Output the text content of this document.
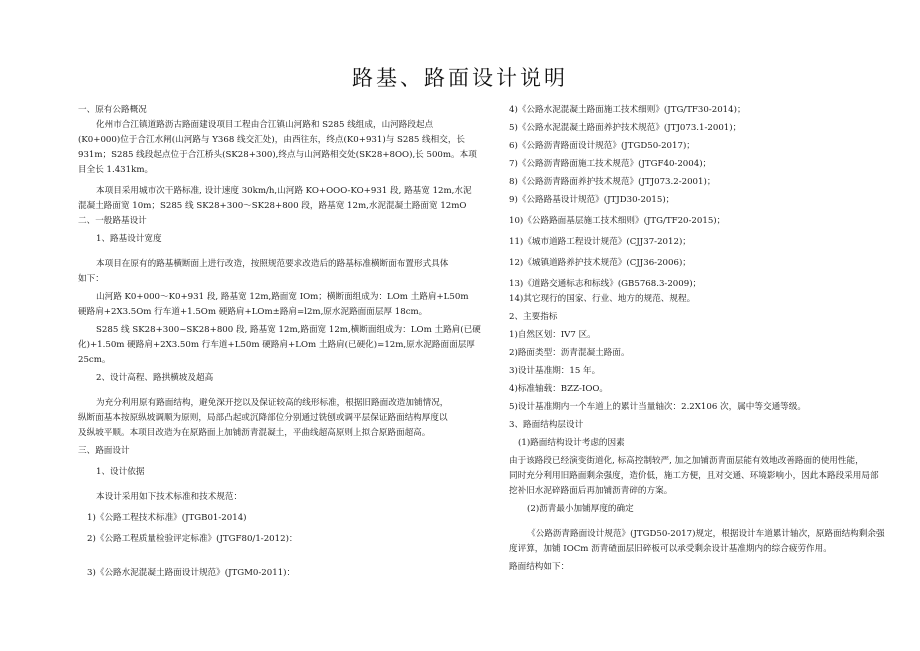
路基、路面设计说明

一、原有公路概况

化州市合江镇道路沥古路面建设项目工程由合江镇山河路和 S285 线组成，山河路段起点

(K0+000)位于合江水闸(山河路与 Y368 线交汇处)，由西往东，终点(K0+931)与 S285 线相交，长

931m；S285 线段起点位于合江桥头(SK28+300),终点与山河路相交处(SK28+8OO),长 500m。本项

目全长 1.431km。

本项目采用城市次干路标准, 设计速度 30km/h,山河路 KO+OOO-KO+931 段, 路基宽 12m,水泥

混凝土路面宽 10m；S285 线 SK28+300～SK28+800 段，路基宽 12m,水泥混凝土路面宽 12mO

二、一般路基设计

1、路基设计宽度

本项目在原有的路基横断面上进行改造，按照规范要求改造后的路基标准横断面布置形式具体

如下：

山河路 K0+000～K0+931 段, 路基宽 12m,路面宽 IOm；横断面组成为：LOm 土路肩+L50m

硬路肩+2X3.5Om 行车道+1.5Om 硬路肩+LOm±路肩=l2m,原水泥路面面层厚 18cm。

S285 线 SK28+300~SK28+800 段, 路基宽 12m,路面宽 12m,横断面组成为：LOm 土路肩(已硬

化)+1.50m 硬路肩+2X3.50m 行车道+L50m 硬路肩+LOm 土路肩(已硬化)=12m,原水泥路面面层厚

25cm。

2、设计高程、路拱横坡及超高

为充分利用原有路面结构，避免深开挖以及保证较高的线形标准，根据旧路面改造加铺情况，

纵断面基本按原纵坡调顺为原则，局部凸起或沉降部位分别通过铣刨或调平层保证路面结构厚度以

及纵坡平顺。本项目改造为在原路面上加铺沥青混凝土，平曲线超高原则上拟合原路面超高。

三、路面设计

1、设计依据

本设计采用如下技术标准和技术规范：

1)《公路工程技术标准》(JTGB01-2014)

2)《公路工程质量检验评定标准》(JTGF80/1-2012)：

3)《公路水泥混凝土路面设计规范》(JTGM0-2011)：

4)《公路水泥混凝土路面施工技术细则》(JTG/TF30-2014)；

5)《公路水泥混凝土路面养护技术规范》(JTJ073.1-2001)；

6)《公路沥青路面设计规范》(JTGD50-2017)；

7)《公路沥青路面施工技术规范》(JTGF40-2004)；

8)《公路沥青路面养护技术规范》(JTJ073.2-2001)；

9)《公路路基设计规范》(JTJD30-2015)；

10)《公路路面基层施工技术细则》(JTG/TF20-2015)；

11)《城市道路工程设计规范》(CJJ37-2012)；

12)《城镇道路养护技术规范》(CJJ36-2006)；

13)《道路交通标志和标线》(GB5768.3-2009)；

14)其它现行的国家、行业、地方的规范、规程。

2、主要指标

1)自然区划：IV7 区。

2)路面类型：沥青混凝土路面。

3)设计基准期：15 年。

4)标准轴载：BZZ-IOO。

5)设计基准期内一个车道上的累计当量轴次：2.2X106 次，属中等交通等级。

3、路面结构层设计

(1)路面结构设计考虑的因素

由于该路段已经演变街道化, 标高控制较严, 加之加铺沥青面层能有效地改善路面的使用性能，

同时充分利用旧路面剩余强度，造价低，施工方便，且对交通、环境影响小，因此本路段采用局部

挖补旧水泥碎路面后再加铺沥青碎的方案。

(2)沥青最小加铺厚度的确定

《公路沥青路面设计规范》(JTGD50-2017)规定，根据设计车道累计轴次，原路面结构剩余强

度评算，加铺 IOCm 沥青碴面层旧碎板可以承受剩余设计基准期内的综合疲劳作用。

路面结构如下：
